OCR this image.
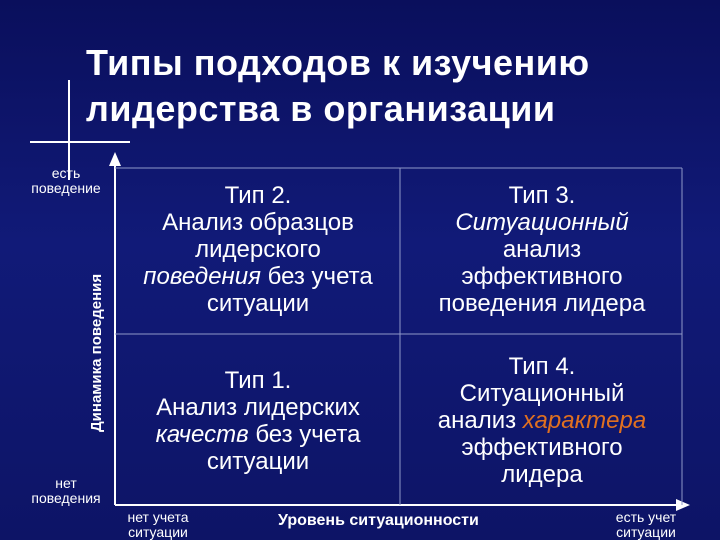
Типы подходов к изучению
лидерства в организации
есть
поведение
нет
поведения
Динамика поведения
нет учета
ситуации
Уровень ситуационности	есть учет
ситуации
Тип 2.
Анализ образцов
лидерского
поведения без учета
ситуации
Тип 3.
Ситуационный
анализ
эффективного
поведения лидера
Тип 1.
Анализ лидерских
качеств без учета
ситуации
Тип 4.
Ситуационный
анализ характера
эффективного
лидера
